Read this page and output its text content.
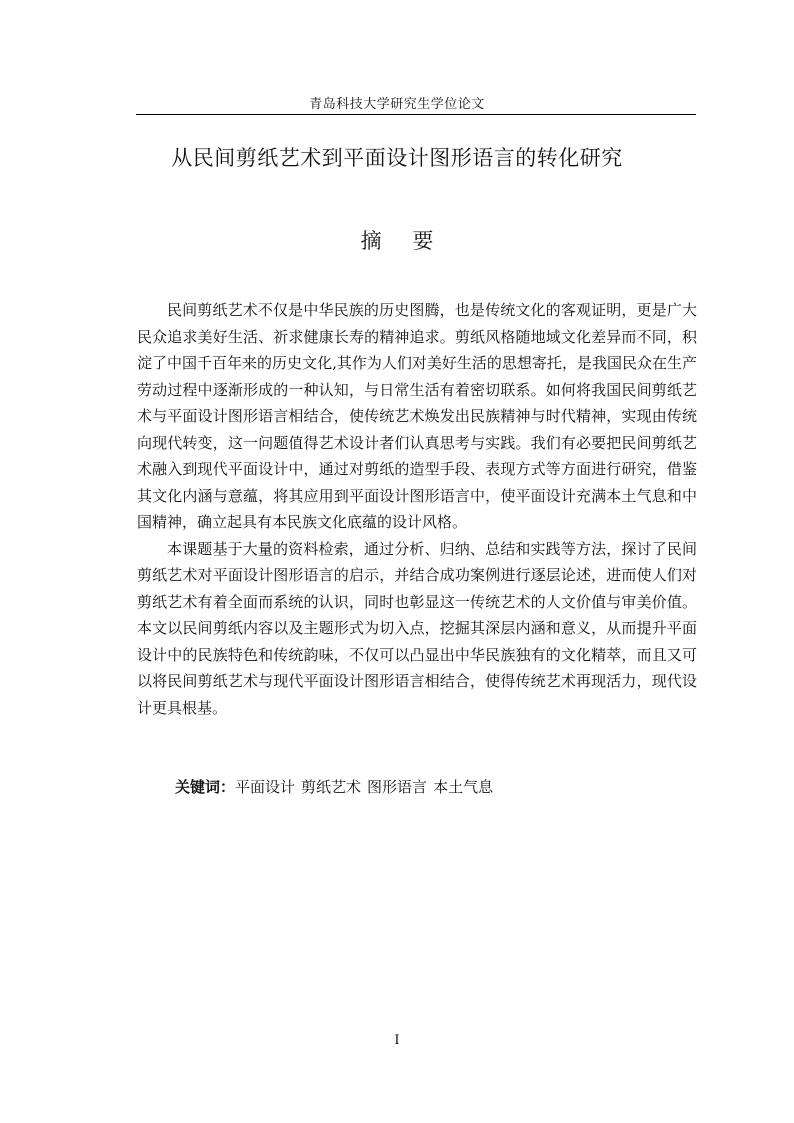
青岛科技大学研究生学位论文
从民间剪纸艺术到平面设计图形语言的转化研究
摘 要

民间剪纸艺术不仅是中华民族的历史图腾，也是传统文化的客观证明，更是广大民众追求美好生活、祈求健康长寿的精神追求。剪纸风格随地域文化差异而不同，积淀了中国千百年来的历史文化,其作为人们对美好生活的思想寄托，是我国民众在生产劳动过程中逐渐形成的一种认知，与日常生活有着密切联系。如何将我国民间剪纸艺术与平面设计图形语言相结合，使传统艺术焕发出民族精神与时代精神，实现由传统向现代转变，这一问题值得艺术设计者们认真思考与实践。我们有必要把民间剪纸艺术融入到现代平面设计中，通过对剪纸的造型手段、表现方式等方面进行研究，借鉴其文化内涵与意蕴，将其应用到平面设计图形语言中，使平面设计充满本土气息和中国精神，确立起具有本民族文化底蕴的设计风格。

本课题基于大量的资料检索，通过分析、归纳、总结和实践等方法，探讨了民间剪纸艺术对平面设计图形语言的启示，并结合成功案例进行逐层论述，进而使人们对剪纸艺术有着全面而系统的认识，同时也彰显这一传统艺术的人文价值与审美价值。本文以民间剪纸内容以及主题形式为切入点，挖掘其深层内涵和意义，从而提升平面设计中的民族特色和传统韵味，不仅可以凸显出中华民族独有的文化精萃，而且又可以将民间剪纸艺术与现代平面设计图形语言相结合，使得传统艺术再现活力，现代设计更具根基。

关键词：平面设计 剪纸艺术 图形语言 本土气息
I
